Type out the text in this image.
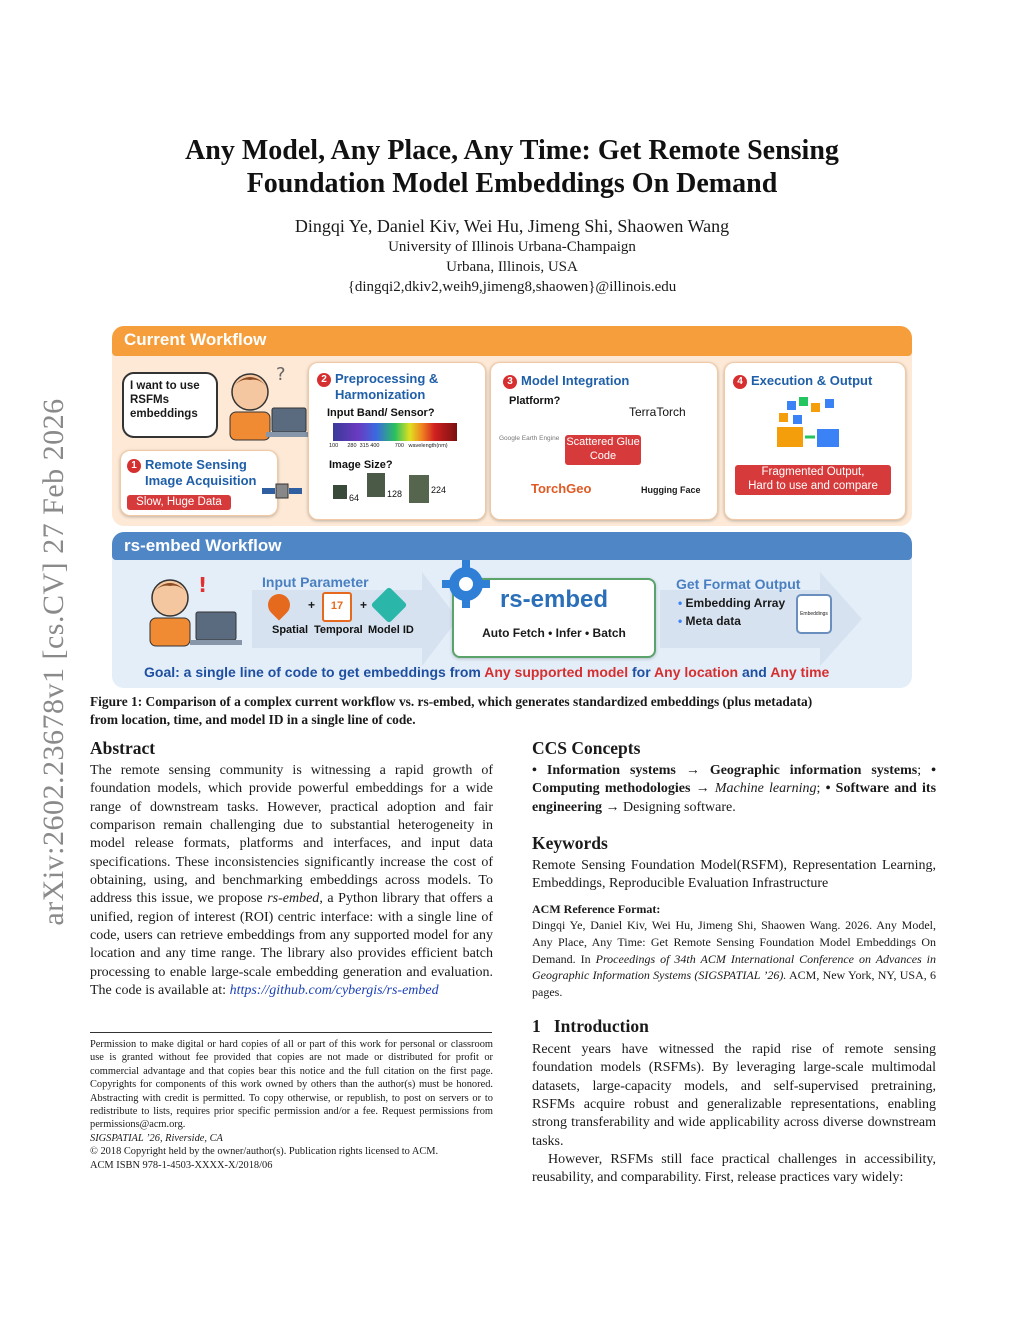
arXiv:2602.23678v1 [cs.CV] 27 Feb 2026
Any Model, Any Place, Any Time: Get Remote Sensing
Foundation Model Embeddings On Demand
Dingqi Ye, Daniel Kiv, Wei Hu, Jimeng Shi, Shaowen Wang
University of Illinois Urbana-Champaign
Urbana, Illinois, USA
{dingqi2,dkiv2,weih9,jimeng8,shaowen}@illinois.edu
Current Workflow
I want to use RSFMs embeddings
?
1 Remote Sensing
Image Acquisition
Slow, Huge Data
2 Preprocessing &
Harmonization
Input Band/ Sensor?
100      280  315 400          700   wavelength(nm)
Image Size?
64	128	224
3 Model Integration
Platform?
TerraTorch
Google Earth Engine Scattered Glue Code
TorchGeo	Hugging Face
4 Execution & Output
Fragmented Output,
Hard to use and compare
rs-embed Workflow
!	Input Parameter
+	17	+
Spatial Temporal Model ID
rs-embed
Auto Fetch • Infer • Batch
Get Format Output
• Embedding Array
• Meta data	Embeddings
Goal: a single line of code to get embeddings from Any supported model for Any location and Any time
Figure 1: Comparison of a complex current workflow vs. rs-embed, which generates standardized embeddings (plus metadata)
from location, time, and model ID in a single line of code.
Abstract

The remote sensing community is witnessing a rapid growth of foundation models, which provide powerful embeddings for a wide range of downstream tasks. However, practical adoption and fair comparison remain challenging due to substantial heterogeneity in model release formats, platforms and interfaces, and input data specifications. These inconsistencies significantly increase the cost of obtaining, using, and benchmarking embeddings across models. To address this issue, we propose rs-embed, a Python library that offers a unified, region of interest (ROI) centric interface: with a single line of code, users can retrieve embeddings from any supported model for any location and any time range. The library also provides efficient batch processing to enable large-scale embedding generation and evaluation. The code is available at: https://github.com/cybergis/rs-embed

Permission to make digital or hard copies of all or part of this work for personal or classroom use is granted without fee provided that copies are not made or distributed for profit or commercial advantage and that copies bear this notice and the full citation on the first page. Copyrights for components of this work owned by others than the author(s) must be honored. Abstracting with credit is permitted. To copy otherwise, or republish, to post on servers or to redistribute to lists, requires prior specific permission and/or a fee. Request permissions from permissions@acm.org.

SIGSPATIAL ’26, Riverside, CA

© 2018 Copyright held by the owner/author(s). Publication rights licensed to ACM.

ACM ISBN 978-1-4503-XXXX-X/2018/06

CCS Concepts

• Information systems → Geographic information systems; • Computing methodologies → Machine learning; • Software and its engineering → Designing software.

Keywords

Remote Sensing Foundation Model(RSFM), Representation Learning, Embeddings, Reproducible Evaluation Infrastructure

ACM Reference Format:

Dingqi Ye, Daniel Kiv, Wei Hu, Jimeng Shi, Shaowen Wang. 2026. Any Model, Any Place, Any Time: Get Remote Sensing Foundation Model Embeddings On Demand. In Proceedings of 34th ACM International Conference on Advances in Geographic Information Systems (SIGSPATIAL ’26). ACM, New York, NY, USA, 6 pages.

1 Introduction

Recent years have witnessed the rapid rise of remote sensing foundation models (RSFMs). By leveraging large-scale multimodal datasets, large-capacity models, and self-supervised pretraining, RSFMs acquire robust and generalizable representations, enabling strong transferability and wide applicability across diverse downstream tasks.

However, RSFMs still face practical challenges in accessibility, reusability, and comparability. First, release practices vary widely:
